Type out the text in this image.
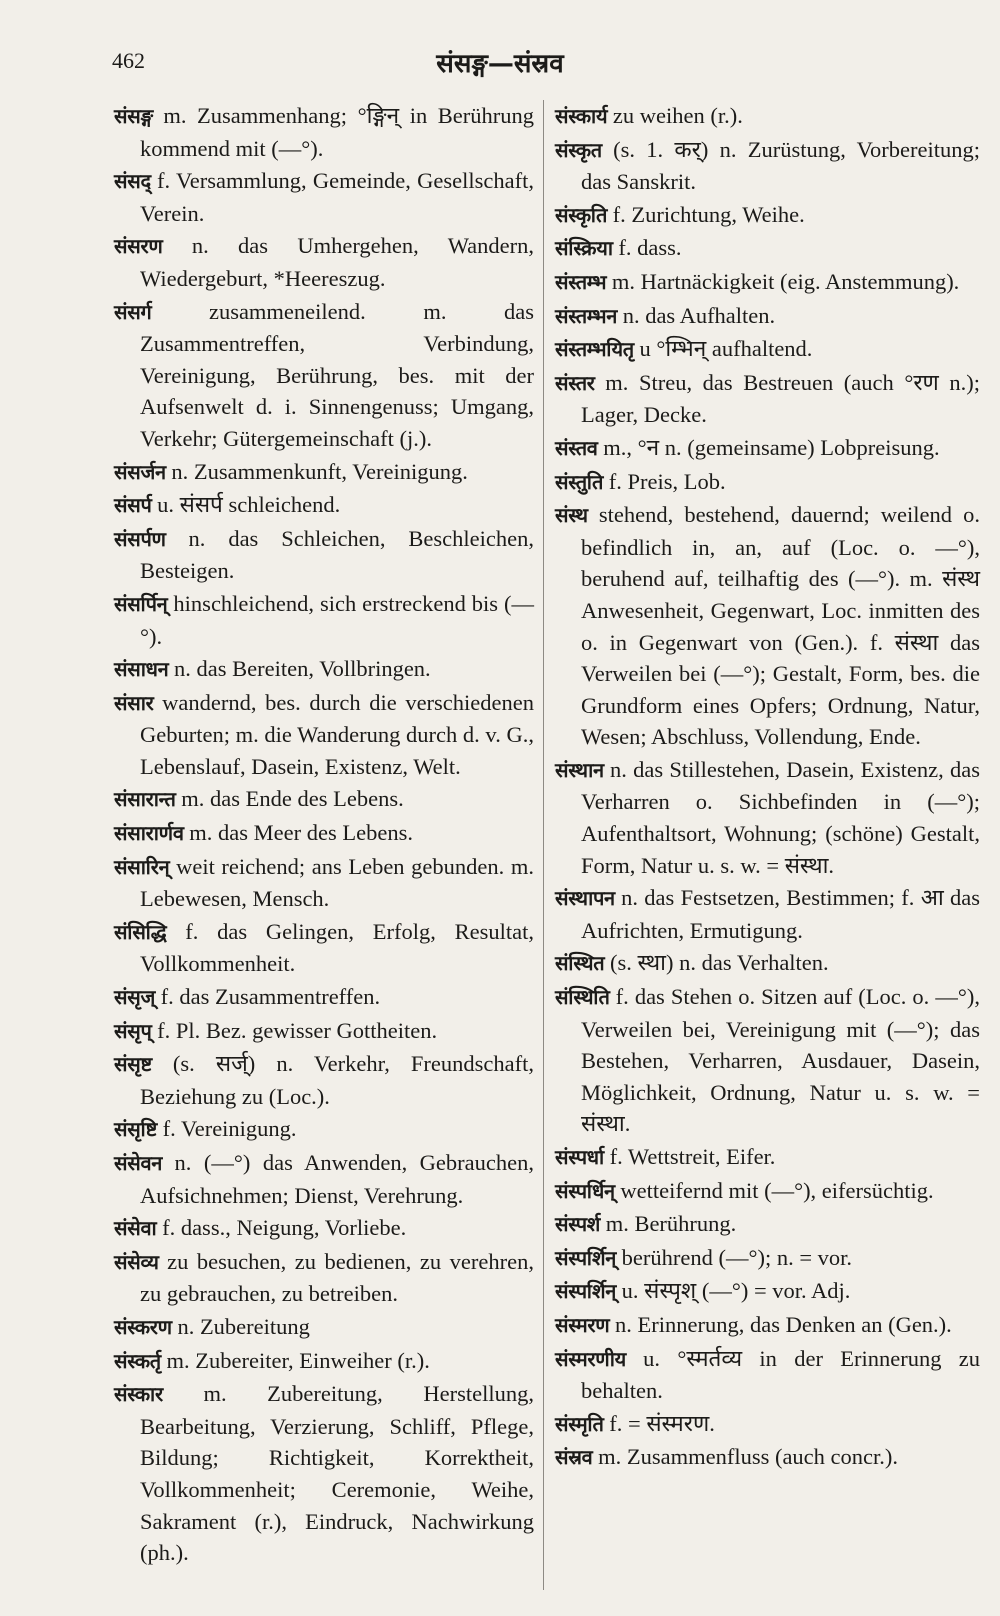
462	संसङ्ग—संस्रव

संसङ्ग m. Zusammenhang; °ङ्गिन् in Berührung kommend mit (—°).

संसद् f. Versammlung, Gemeinde, Gesellschaft, Verein.

संसरण n. das Umhergehen, Wandern, Wiedergeburt, *Heereszug.

संसर्ग zusammeneilend. m. das Zusammentreffen, Verbindung, Vereinigung, Berührung, bes. mit der Aufsenwelt d. i. Sinnengenuss; Umgang, Verkehr; Gütergemeinschaft (j.).

संसर्जन n. Zusammenkunft, Vereinigung.

संसर्प u. संसर्प schleichend.

संसर्पण n. das Schleichen, Beschleichen, Besteigen.

संसर्पिन् hinschleichend, sich erstreckend bis (—°).

संसाधन n. das Bereiten, Vollbringen.

संसार wandernd, bes. durch die verschiedenen Geburten; m. die Wanderung durch d. v. G., Lebenslauf, Dasein, Existenz, Welt.

संसारान्त m. das Ende des Lebens.

संसारार्णव m. das Meer des Lebens.

संसारिन् weit reichend; ans Leben gebunden. m. Lebewesen, Mensch.

संसिद्धि f. das Gelingen, Erfolg, Resultat, Vollkommenheit.

संसृज् f. das Zusammentreffen.

संसृप् f. Pl. Bez. gewisser Gottheiten.

संसृष्ट (s. सर्ज्) n. Verkehr, Freundschaft, Beziehung zu (Loc.).

संसृष्टि f. Vereinigung.

संसेवन n. (—°) das Anwenden, Gebrauchen, Aufsichnehmen; Dienst, Verehrung.

संसेवा f. dass., Neigung, Vorliebe.

संसेव्य zu besuchen, zu bedienen, zu verehren, zu gebrauchen, zu betreiben.

संस्करण n. Zubereitung

संस्कर्तृ m. Zubereiter, Einweiher (r.).

संस्कार m. Zubereitung, Herstellung, Bearbeitung, Verzierung, Schliff, Pflege, Bildung; Richtigkeit, Korrektheit, Vollkommenheit; Ceremonie, Weihe, Sakrament (r.), Eindruck, Nachwirkung (ph.).

संस्कार्य zu weihen (r.).

संस्कृत (s. 1. कर्) n. Zurüstung, Vorbereitung; das Sanskrit.

संस्कृति f. Zurichtung, Weihe.

संस्क्रिया f. dass.

संस्तम्भ m. Hartnäckigkeit (eig. Anstemmung).

संस्तम्भन n. das Aufhalten.

संस्तम्भयितृ u °म्भिन् aufhaltend.

संस्तर m. Streu, das Bestreuen (auch °रण n.); Lager, Decke.

संस्तव m., °न n. (gemeinsame) Lobpreisung.

संस्तुति f. Preis, Lob.

संस्थ stehend, bestehend, dauernd; weilend o. befindlich in, an, auf (Loc. o. —°), beruhend auf, teilhaftig des (—°). m. संस्थ Anwesenheit, Gegenwart, Loc. inmitten des o. in Gegenwart von (Gen.). f. संस्था das Verweilen bei (—°); Gestalt, Form, bes. die Grundform eines Opfers; Ordnung, Natur, Wesen; Abschluss, Vollendung, Ende.

संस्थान n. das Stillestehen, Dasein, Existenz, das Verharren o. Sichbefinden in (—°); Aufenthaltsort, Wohnung; (schöne) Gestalt, Form, Natur u. s. w. = संस्था.

संस्थापन n. das Festsetzen, Bestimmen; f. आ das Aufrichten, Ermutigung.

संस्थित (s. स्था) n. das Verhalten.

संस्थिति f. das Stehen o. Sitzen auf (Loc. o. —°), Verweilen bei, Vereinigung mit (—°); das Bestehen, Verharren, Ausdauer, Dasein, Möglichkeit, Ordnung, Natur u. s. w. = संस्था.

संस्पर्धा f. Wettstreit, Eifer.

संस्पर्धिन् wetteifernd mit (—°), eifersüchtig.

संस्पर्श m. Berührung.

संस्पर्शिन् berührend (—°); n. = vor.

संस्पर्शिन् u. संस्पृश् (—°) = vor. Adj.

संस्मरण n. Erinnerung, das Denken an (Gen.).

संस्मरणीय u. °स्मर्तव्य in der Erinnerung zu behalten.

संस्मृति f. = संस्मरण.

संस्रव m. Zusammenfluss (auch concr.).
